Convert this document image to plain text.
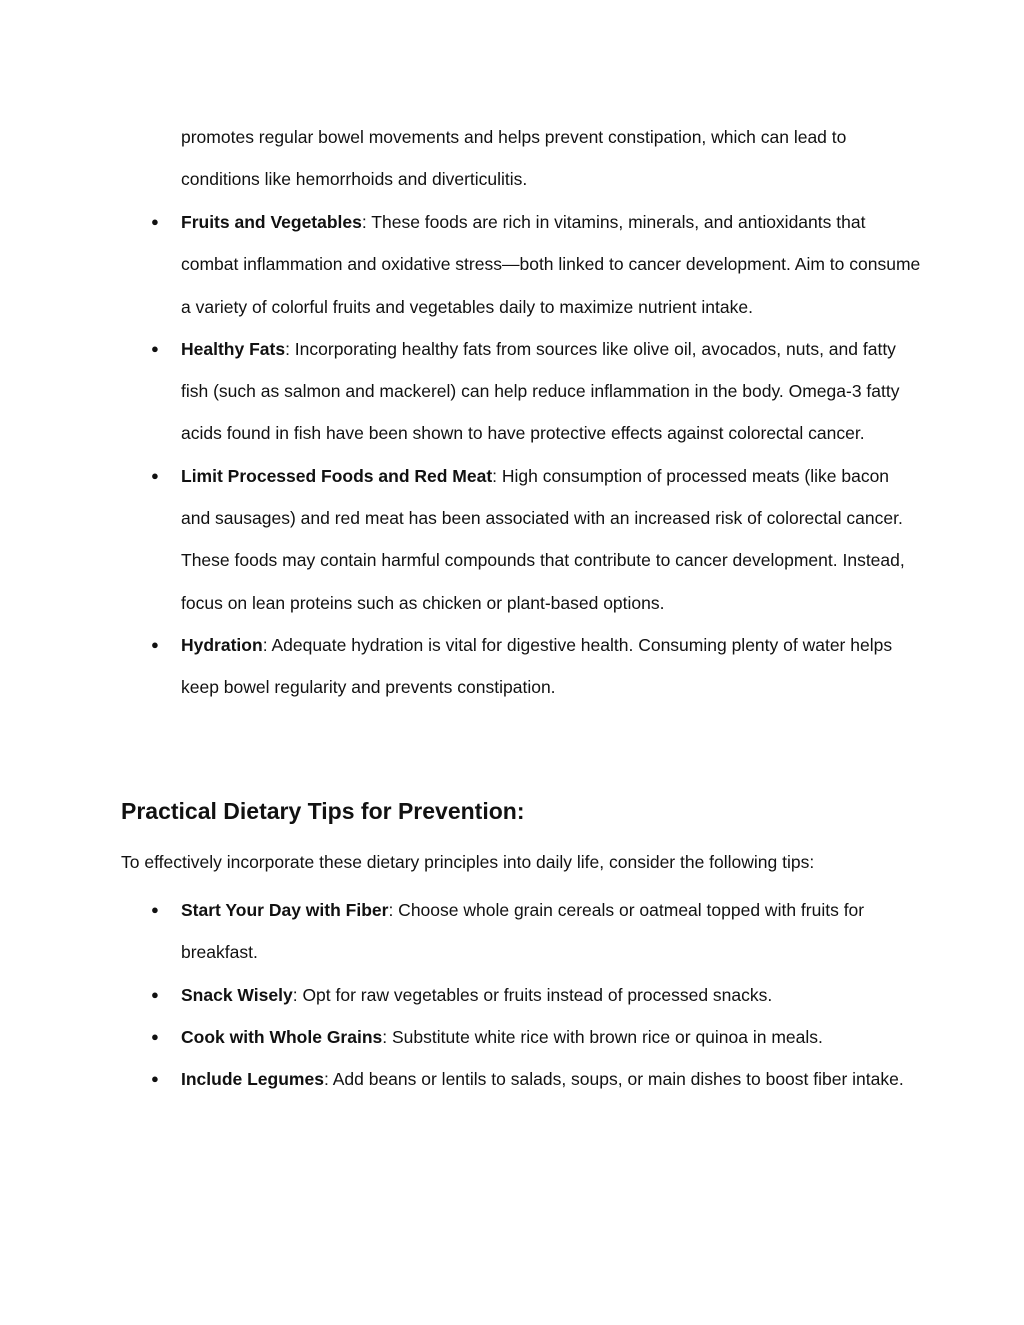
promotes regular bowel movements and helps prevent constipation, which can lead to conditions like hemorrhoids and diverticulitis.

● Fruits and Vegetables: These foods are rich in vitamins, minerals, and antioxidants that combat inflammation and oxidative stress—both linked to cancer development. Aim to consume a variety of colorful fruits and vegetables daily to maximize nutrient intake.
● Healthy Fats: Incorporating healthy fats from sources like olive oil, avocados, nuts, and fatty fish (such as salmon and mackerel) can help reduce inflammation in the body. Omega-3 fatty acids found in fish have been shown to have protective effects against colorectal cancer.
● Limit Processed Foods and Red Meat: High consumption of processed meats (like bacon and sausages) and red meat has been associated with an increased risk of colorectal cancer. These foods may contain harmful compounds that contribute to cancer development. Instead, focus on lean proteins such as chicken or plant-based options.
● Hydration: Adequate hydration is vital for digestive health. Consuming plenty of water helps keep bowel regularity and prevents constipation.
Practical Dietary Tips for Prevention:

To effectively incorporate these dietary principles into daily life, consider the following tips:

● Start Your Day with Fiber: Choose whole grain cereals or oatmeal topped with fruits for breakfast.
● Snack Wisely: Opt for raw vegetables or fruits instead of processed snacks.
● Cook with Whole Grains: Substitute white rice with brown rice or quinoa in meals.
● Include Legumes: Add beans or lentils to salads, soups, or main dishes to boost fiber intake.
